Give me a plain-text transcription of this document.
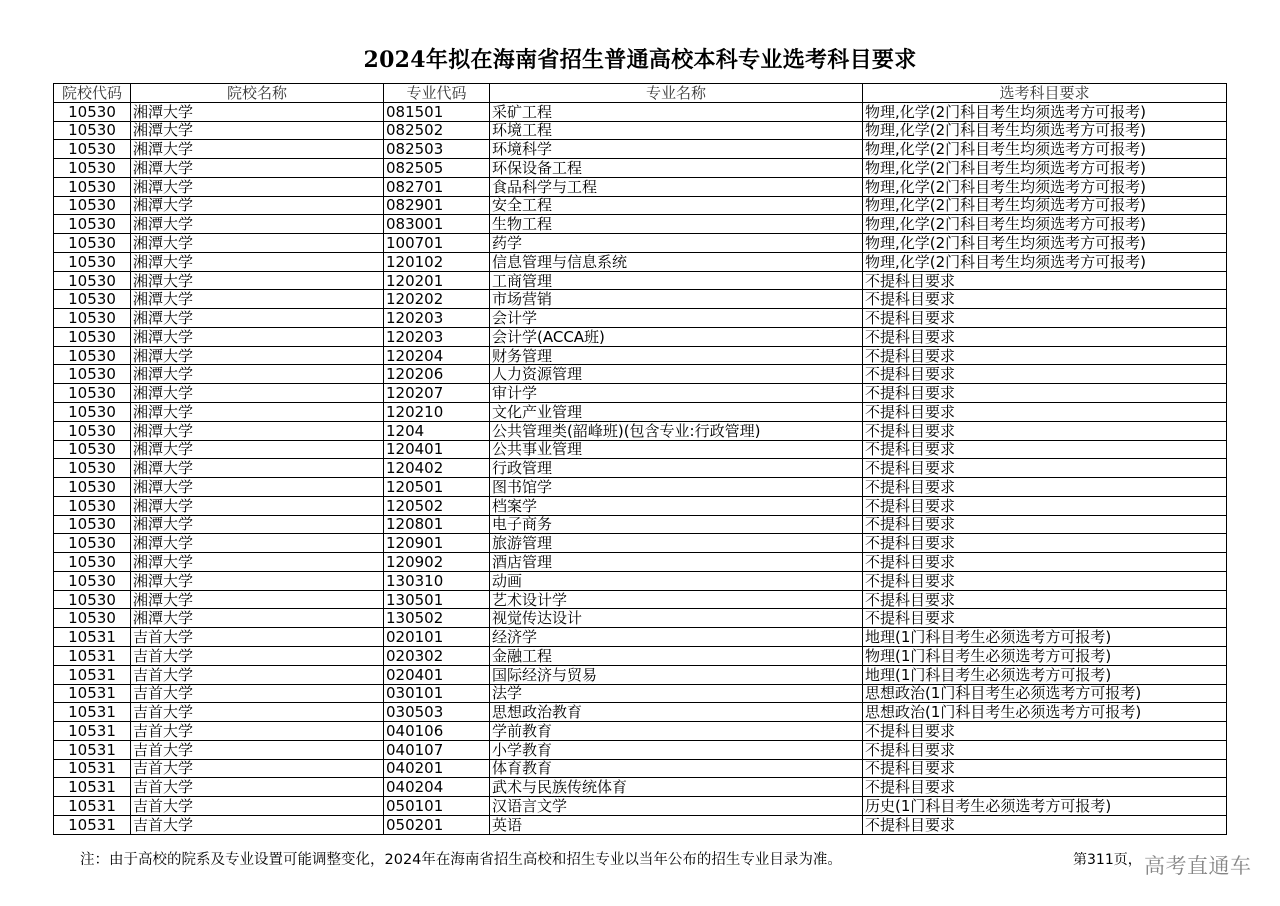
2024年拟在海南省招生普通高校本科专业选考科目要求
院校代码	院校名称	专业代码	专业名称	选考科目要求
10530	湘潭大学	081501	采矿工程	物理,化学(2门科目考生均须选考方可报考)
10530	湘潭大学	082502	环境工程	物理,化学(2门科目考生均须选考方可报考)
10530	湘潭大学	082503	环境科学	物理,化学(2门科目考生均须选考方可报考)
10530	湘潭大学	082505	环保设备工程	物理,化学(2门科目考生均须选考方可报考)
10530	湘潭大学	082701	食品科学与工程	物理,化学(2门科目考生均须选考方可报考)
10530	湘潭大学	082901	安全工程	物理,化学(2门科目考生均须选考方可报考)
10530	湘潭大学	083001	生物工程	物理,化学(2门科目考生均须选考方可报考)
10530	湘潭大学	100701	药学	物理,化学(2门科目考生均须选考方可报考)
10530	湘潭大学	120102	信息管理与信息系统	物理,化学(2门科目考生均须选考方可报考)
10530	湘潭大学	120201	工商管理	不提科目要求
10530	湘潭大学	120202	市场营销	不提科目要求
10530	湘潭大学	120203	会计学	不提科目要求
10530	湘潭大学	120203	会计学(ACCA班)	不提科目要求
10530	湘潭大学	120204	财务管理	不提科目要求
10530	湘潭大学	120206	人力资源管理	不提科目要求
10530	湘潭大学	120207	审计学	不提科目要求
10530	湘潭大学	120210	文化产业管理	不提科目要求
10530	湘潭大学	1204	公共管理类(韶峰班)(包含专业:行政管理)	不提科目要求
10530	湘潭大学	120401	公共事业管理	不提科目要求
10530	湘潭大学	120402	行政管理	不提科目要求
10530	湘潭大学	120501	图书馆学	不提科目要求
10530	湘潭大学	120502	档案学	不提科目要求
10530	湘潭大学	120801	电子商务	不提科目要求
10530	湘潭大学	120901	旅游管理	不提科目要求
10530	湘潭大学	120902	酒店管理	不提科目要求
10530	湘潭大学	130310	动画	不提科目要求
10530	湘潭大学	130501	艺术设计学	不提科目要求
10530	湘潭大学	130502	视觉传达设计	不提科目要求
10531	吉首大学	020101	经济学	地理(1门科目考生必须选考方可报考)
10531	吉首大学	020302	金融工程	物理(1门科目考生必须选考方可报考)
10531	吉首大学	020401	国际经济与贸易	地理(1门科目考生必须选考方可报考)
10531	吉首大学	030101	法学	思想政治(1门科目考生必须选考方可报考)
10531	吉首大学	030503	思想政治教育	思想政治(1门科目考生必须选考方可报考)
10531	吉首大学	040106	学前教育	不提科目要求
10531	吉首大学	040107	小学教育	不提科目要求
10531	吉首大学	040201	体育教育	不提科目要求
10531	吉首大学	040204	武术与民族传统体育	不提科目要求
10531	吉首大学	050101	汉语言文学	历史(1门科目考生必须选考方可报考)
10531	吉首大学	050201	英语	不提科目要求
注：由于高校的院系及专业设置可能调整变化，2024年在海南省招生高校和招生专业以当年公布的招生专业目录为准。	第311页， 高考直通车
